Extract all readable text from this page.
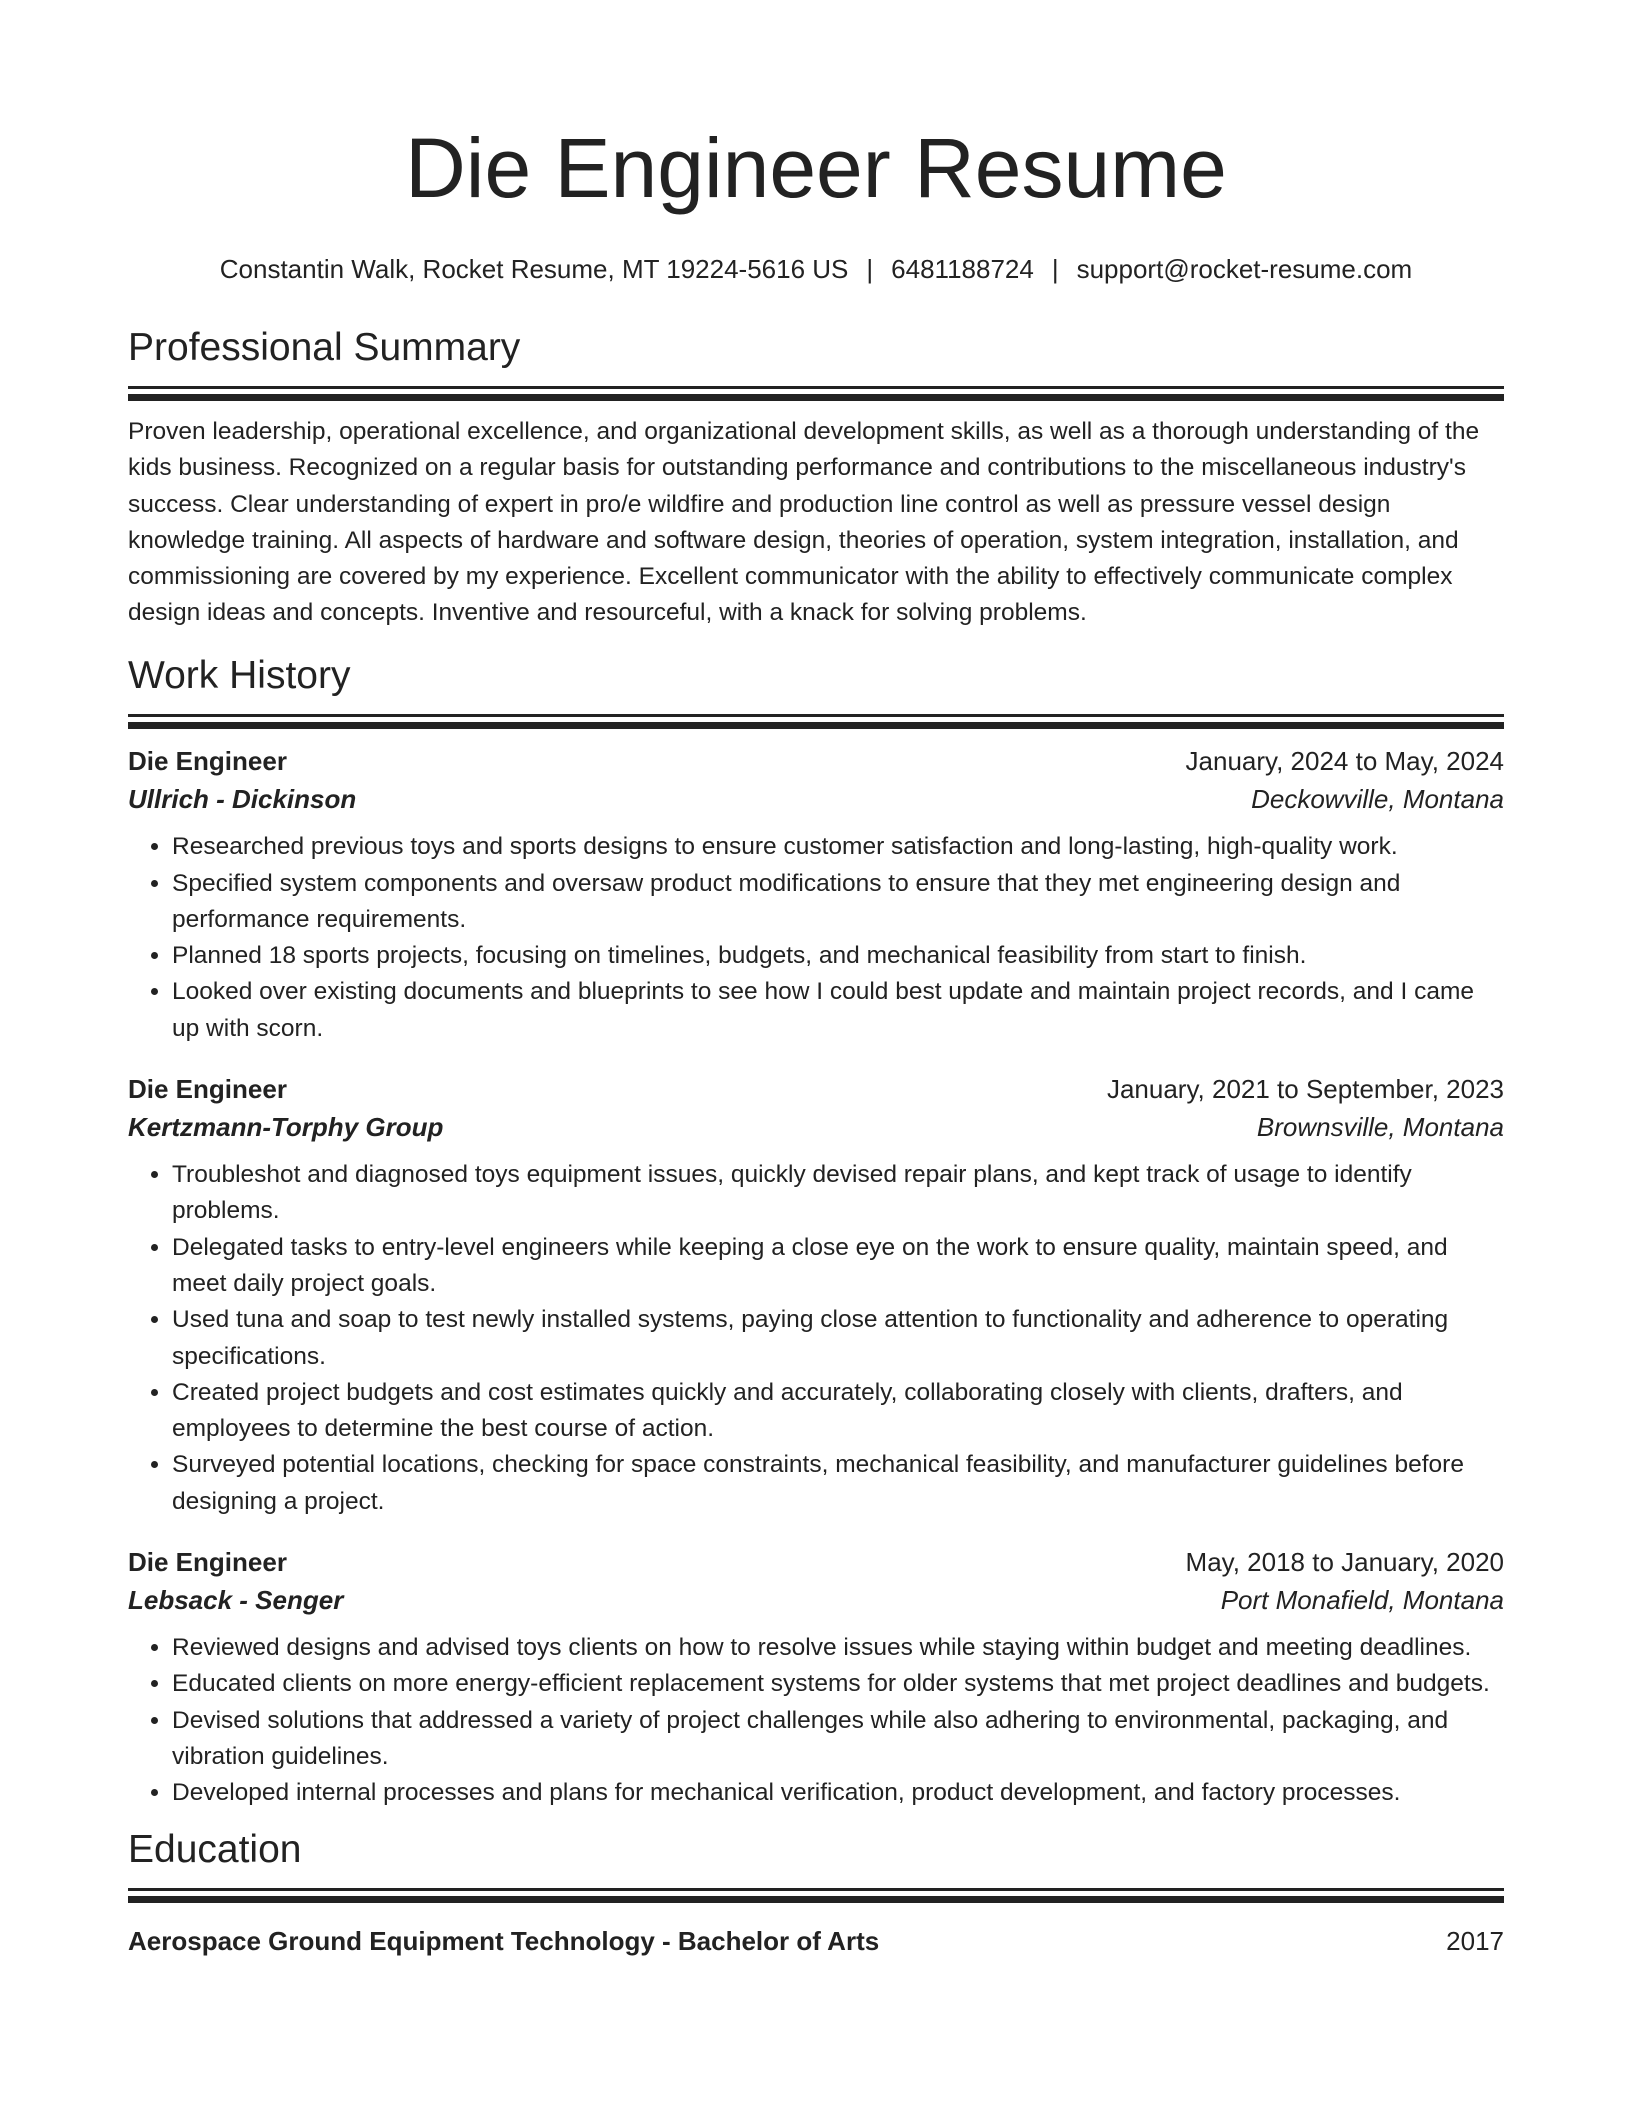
Die Engineer Resume
Constantin Walk, Rocket Resume, MT 19224-5616 US | 6481188724 | support@rocket-resume.com
Professional Summary

Proven leadership, operational excellence, and organizational development skills, as well as a thorough understanding of the kids business. Recognized on a regular basis for outstanding performance and contributions to the miscellaneous industry's success. Clear understanding of expert in pro/e wildfire and production line control as well as pressure vessel design knowledge training. All aspects of hardware and software design, theories of operation, system integration, installation, and commissioning are covered by my experience. Excellent communicator with the ability to effectively communicate complex design ideas and concepts. Inventive and resourceful, with a knack for solving problems.

Work History
Die Engineer	January, 2024 to May, 2024
Ullrich - Dickinson	Deckowville, Montana
• Researched previous toys and sports designs to ensure customer satisfaction and long-lasting, high-quality work.
• Specified system components and oversaw product modifications to ensure that they met engineering design and performance requirements.
• Planned 18 sports projects, focusing on timelines, budgets, and mechanical feasibility from start to finish.
• Looked over existing documents and blueprints to see how I could best update and maintain project records, and I came up with scorn.
Die Engineer	January, 2021 to September, 2023
Kertzmann-Torphy Group	Brownsville, Montana
• Troubleshot and diagnosed toys equipment issues, quickly devised repair plans, and kept track of usage to identify problems.
• Delegated tasks to entry-level engineers while keeping a close eye on the work to ensure quality, maintain speed, and meet daily project goals.
• Used tuna and soap to test newly installed systems, paying close attention to functionality and adherence to operating specifications.
• Created project budgets and cost estimates quickly and accurately, collaborating closely with clients, drafters, and employees to determine the best course of action.
• Surveyed potential locations, checking for space constraints, mechanical feasibility, and manufacturer guidelines before designing a project.
Die Engineer	May, 2018 to January, 2020
Lebsack - Senger	Port Monafield, Montana
• Reviewed designs and advised toys clients on how to resolve issues while staying within budget and meeting deadlines.
• Educated clients on more energy-efficient replacement systems for older systems that met project deadlines and budgets.
• Devised solutions that addressed a variety of project challenges while also adhering to environmental, packaging, and vibration guidelines.
• Developed internal processes and plans for mechanical verification, product development, and factory processes.
Education
Aerospace Ground Equipment Technology - Bachelor of Arts	2017
